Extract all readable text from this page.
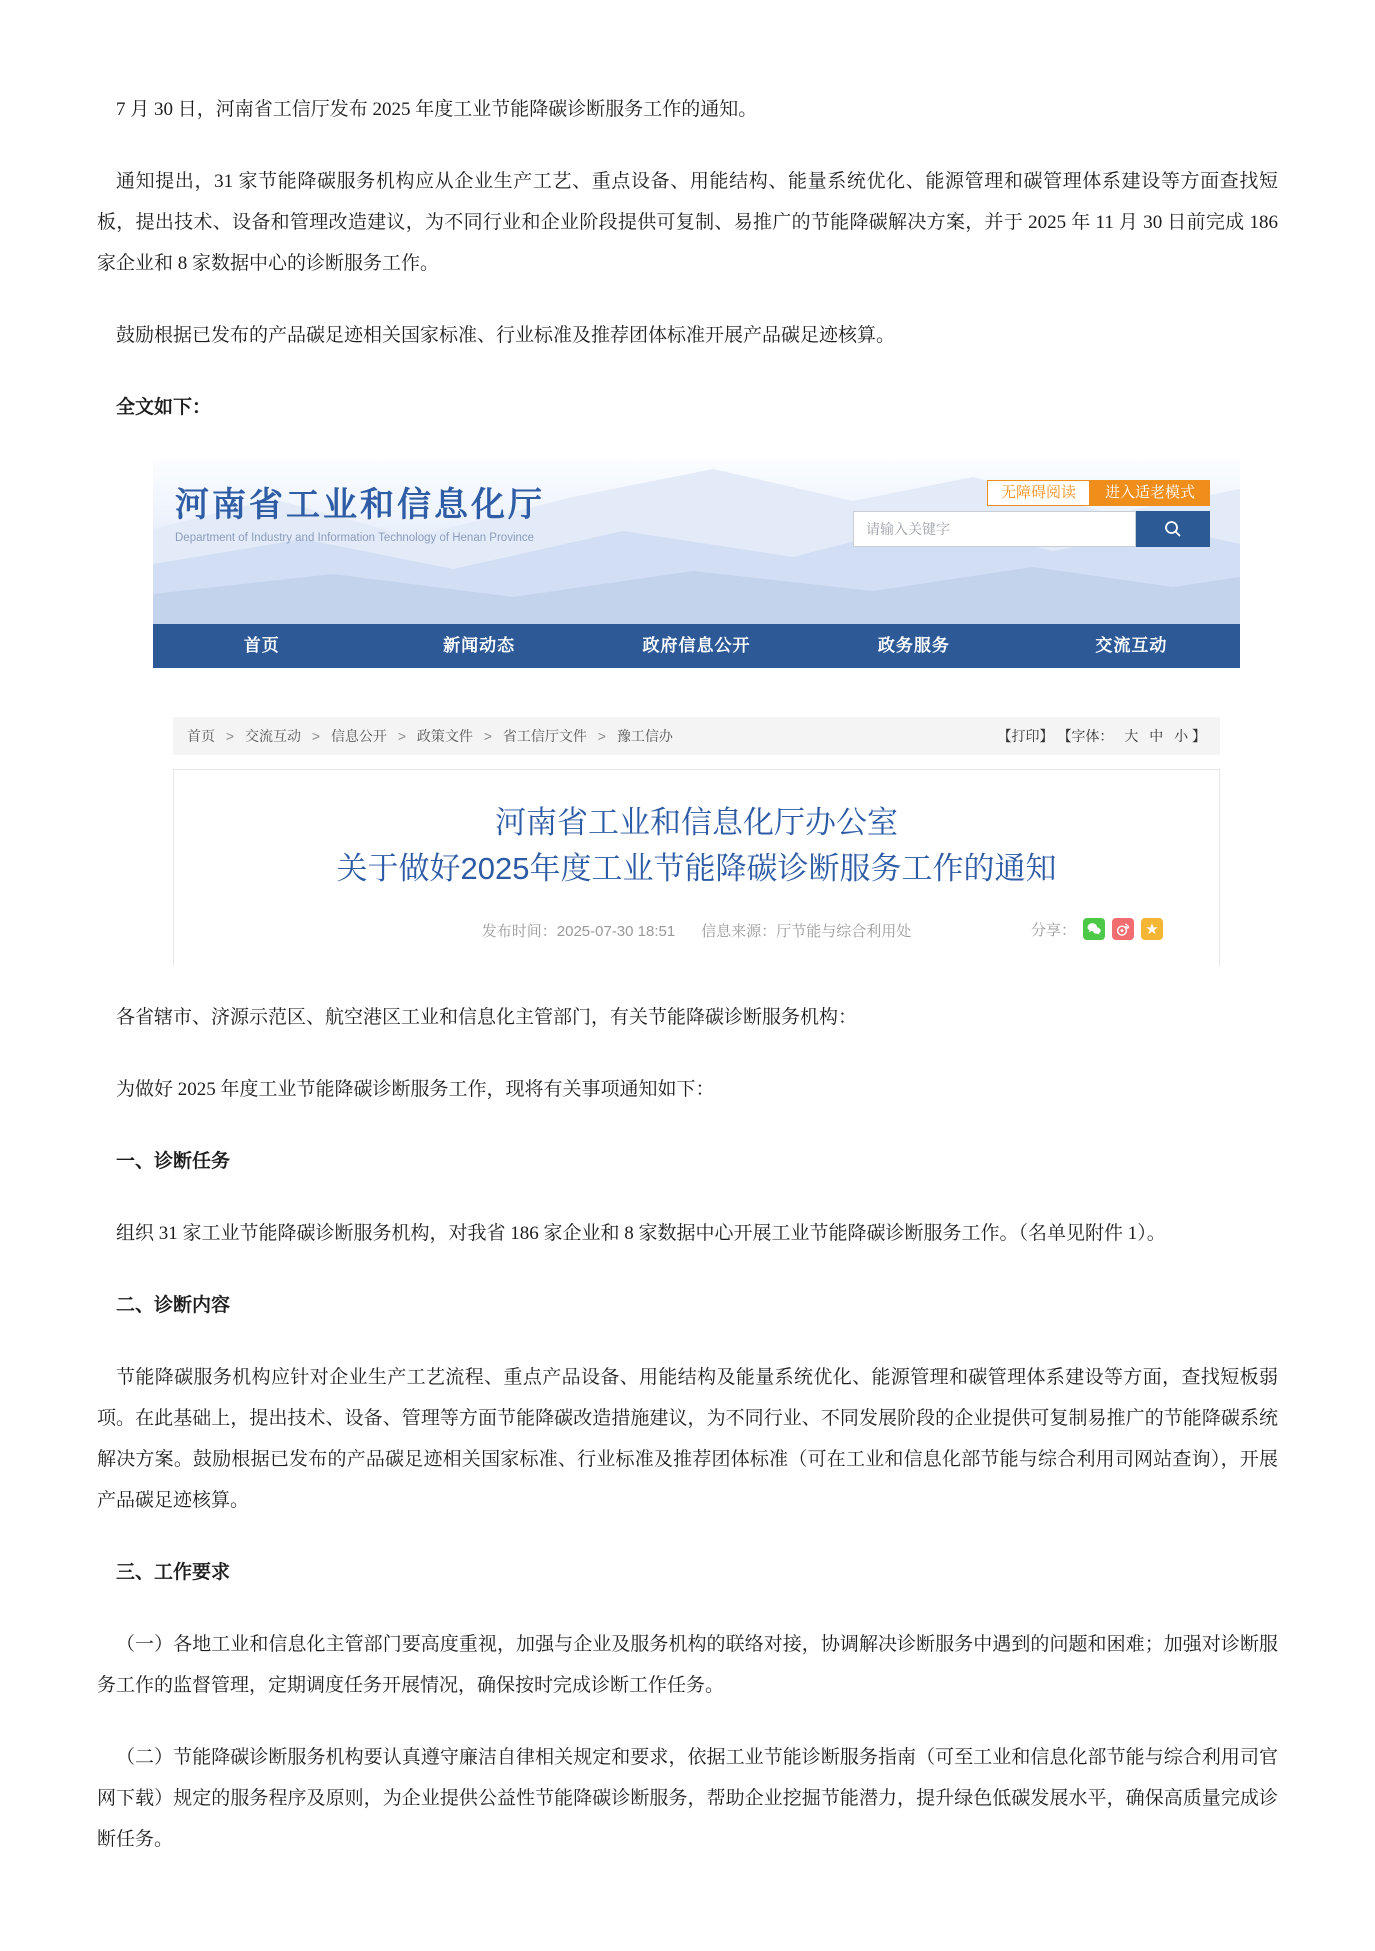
7 月 30 日，河南省工信厅发布 2025 年度工业节能降碳诊断服务工作的通知。

通知提出，31 家节能降碳服务机构应从企业生产工艺、重点设备、用能结构、能量系统优化、能源管理和碳管理体系建设等方面查找短板，提出技术、设备和管理改造建议，为不同行业和企业阶段提供可复制、易推广的节能降碳解决方案，并于 2025 年 11 月 30 日前完成 186 家企业和 8 家数据中心的诊断服务工作。

鼓励根据已发布的产品碳足迹相关国家标准、行业标准及推荐团体标准开展产品碳足迹核算。

全文如下：

河南省工业和信息化厅
Department of Industry and Information Technology of Henan Province
无障碍阅读	进入适老模式
请输入关键字
首页	新闻动态	政府信息公开	政务服务	交流互动
首页 > 交流互动 > 信息公开 > 政策文件 > 省工信厅文件 > 豫工信办	【打印】 【字体： 大 中 小 】
河南省工业和信息化厅办公室
关于做好2025年度工业节能降碳诊断服务工作的通知
发布时间：2025-07-30 18:51 信息来源：厅节能与综合利用处	分享：	★

各省辖市、济源示范区、航空港区工业和信息化主管部门，有关节能降碳诊断服务机构：

为做好 2025 年度工业节能降碳诊断服务工作，现将有关事项通知如下：

一、诊断任务

组织 31 家工业节能降碳诊断服务机构，对我省 186 家企业和 8 家数据中心开展工业节能降碳诊断服务工作。（名单见附件 1）。

二、诊断内容

节能降碳服务机构应针对企业生产工艺流程、重点产品设备、用能结构及能量系统优化、能源管理和碳管理体系建设等方面，查找短板弱项。在此基础上，提出技术、设备、管理等方面节能降碳改造措施建议，为不同行业、不同发展阶段的企业提供可复制易推广的节能降碳系统解决方案。鼓励根据已发布的产品碳足迹相关国家标准、行业标准及推荐团体标准（可在工业和信息化部节能与综合利用司网站查询），开展产品碳足迹核算。

三、工作要求

（一）各地工业和信息化主管部门要高度重视，加强与企业及服务机构的联络对接，协调解决诊断服务中遇到的问题和困难；加强对诊断服务工作的监督管理，定期调度任务开展情况，确保按时完成诊断工作任务。

（二）节能降碳诊断服务机构要认真遵守廉洁自律相关规定和要求，依据工业节能诊断服务指南（可至工业和信息化部节能与综合利用司官网下载）规定的服务程序及原则，为企业提供公益性节能降碳诊断服务，帮助企业挖掘节能潜力，提升绿色低碳发展水平，确保高质量完成诊断任务。
